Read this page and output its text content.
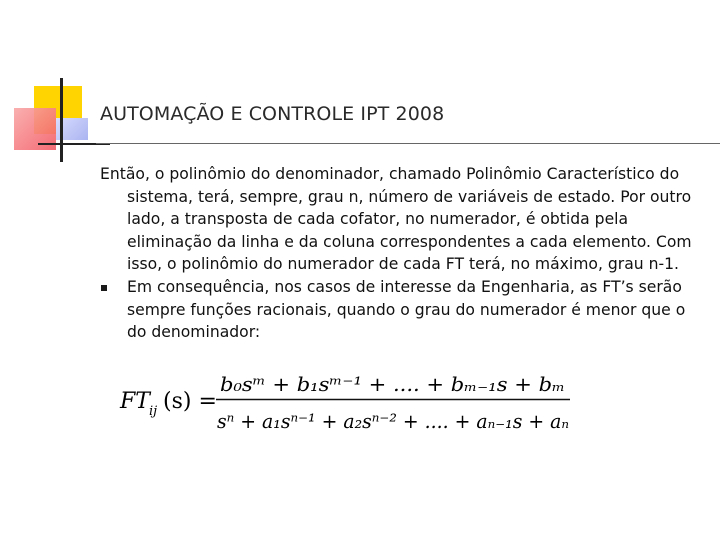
AUTOMAÇÃO E CONTROLE IPT 2008

Então, o polinômio do denominador, chamado Polinômio Característico do sistema, terá, sempre, grau n, número de variáveis de estado. Por outro lado, a transposta de cada cofator, no numerador, é obtida pela eliminação da linha e da coluna correspondentes a cada elemento. Com isso, o polinômio do numerador de cada FT terá, no máximo, grau n-1.

Em consequência, nos casos de interesse da Engenharia, as FT’s serão sempre funções racionais, quando o grau do numerador é menor que o do denominador:
FT ij (s) =
b₀sᵐ + b₁sᵐ⁻¹ + .... + bₘ₋₁s + bₘ
sⁿ + a₁sⁿ⁻¹ + a₂sⁿ⁻² + .... + aₙ₋₁s + aₙ
